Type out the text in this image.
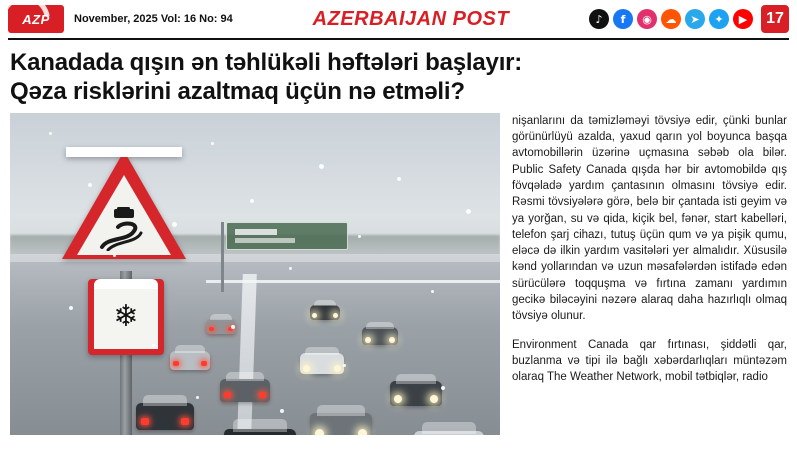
AZP November, 2025 Vol: 16 No: 94	AZERBAIJAN POST	♪	f	◉	☁	➤	✦	▶	17
Kanadada qışın ən təhlükəli həftələri başlayır:
Qəza risklərini azaltmaq üçün nə etməli?
❄

nişanlarını da təmizləməyi tövsiyə edir, çünki bunlar görünürlüyü azalda, yaxud qarın yol boyunca başqa avtomobillərin üzərinə uçmasına səbəb ola bilər. Public Safety Canada qışda hər bir avtomobildə qış fövqəladə yardım çantasının olmasını tövsiyə edir. Rəsmi tövsiyələrə görə, belə bir çantada isti geyim və ya yorğan, su və qida, kiçik bel, fənər, start kabelləri, telefon şarj cihazı, tutuş üçün qum və ya pişik qumu, eləcə də ilkin yardım vasitələri yer almalıdır. Xüsusilə kənd yollarından və uzun məsafələrdən istifadə edən sürücülərə toqquşma və fırtına zamanı yardımın gecikə biləcəyini nəzərə alaraq daha hazırlıqlı olmaq tövsiyə olunur.

Environment Canada qar fırtınası, şiddətli qar, buzlanma və tipi ilə bağlı xəbərdarlıqları müntəzəm olaraq The Weather Network, mobil tətbiqlər, radio
